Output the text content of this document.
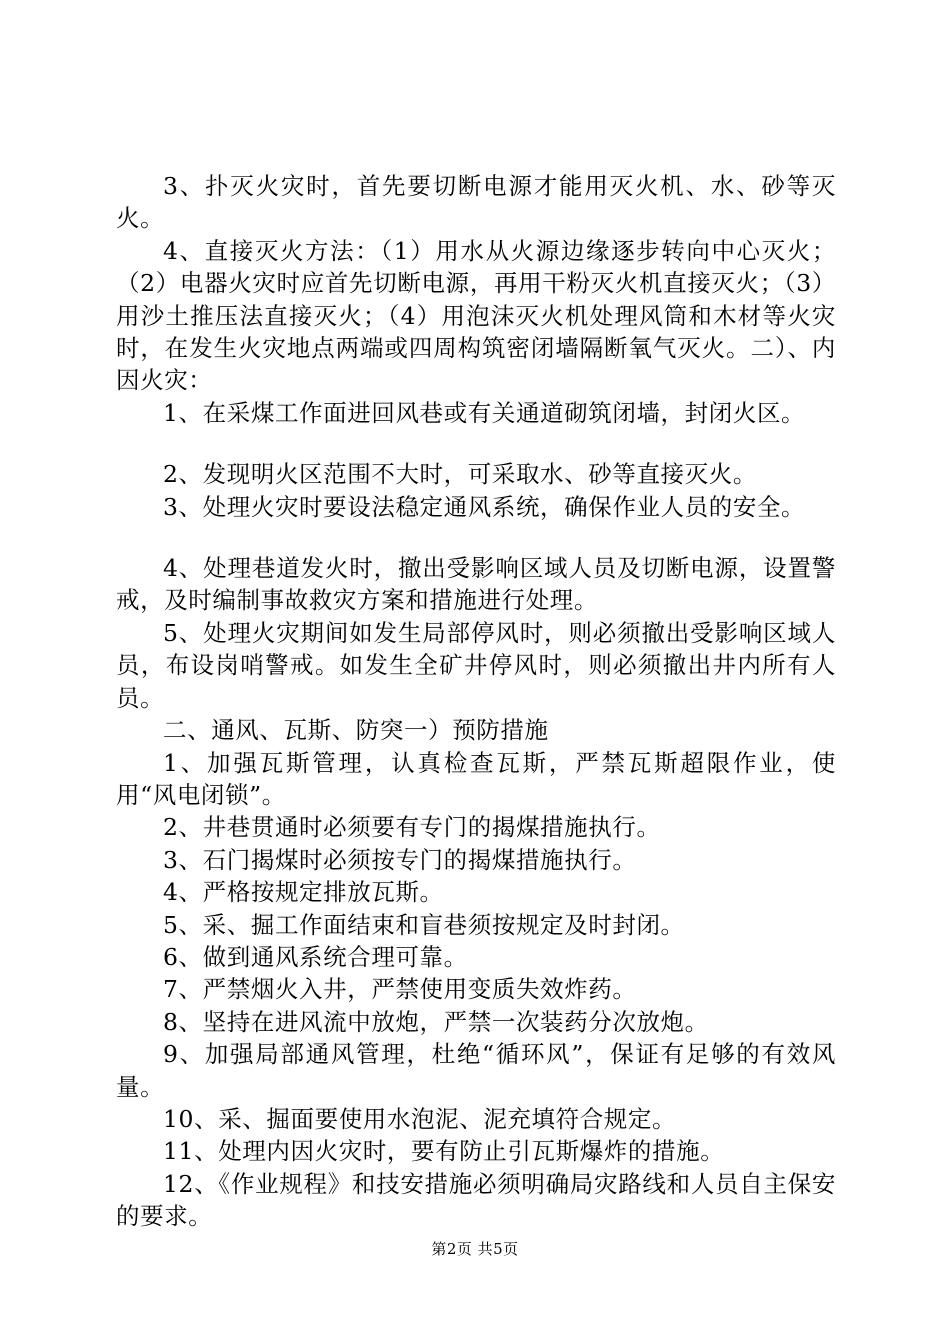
3、扑灭火灾时，首先要切断电源才能用灭火机、水、砂等灭火。

4、直接灭火方法：（1）用水从火源边缘逐步转向中心灭火；（2）电器火灾时应首先切断电源，再用干粉灭火机直接灭火；（3）用沙土推压法直接灭火；（4）用泡沫灭火机处理风筒和木材等火灾时，在发生火灾地点两端或四周构筑密闭墙隔断氧气灭火。二）、内因火灾：

1、在采煤工作面进回风巷或有关通道砌筑闭墙，封闭火区。

2、发现明火区范围不大时，可采取水、砂等直接灭火。

3、处理火灾时要设法稳定通风系统，确保作业人员的安全。

4、处理巷道发火时，撤出受影响区域人员及切断电源，设置警戒，及时编制事故救灾方案和措施进行处理。

5、处理火灾期间如发生局部停风时，则必须撤出受影响区域人员，布设岗哨警戒。如发生全矿井停风时，则必须撤出井内所有人员。

二、通风、瓦斯、防突一）预防措施

1、加强瓦斯管理，认真检查瓦斯，严禁瓦斯超限作业，使用“风电闭锁”。

2、井巷贯通时必须要有专门的揭煤措施执行。

3、石门揭煤时必须按专门的揭煤措施执行。

4、严格按规定排放瓦斯。

5、采、掘工作面结束和盲巷须按规定及时封闭。

6、做到通风系统合理可靠。

7、严禁烟火入井，严禁使用变质失效炸药。

8、坚持在进风流中放炮，严禁一次装药分次放炮。

9、加强局部通风管理，杜绝“循环风”，保证有足够的有效风量。

10、采、掘面要使用水泡泥、泥充填符合规定。

11、处理内因火灾时，要有防止引瓦斯爆炸的措施。

12、《作业规程》和技安措施必须明确局灾路线和人员自主保安的要求。

第2页 共5页
